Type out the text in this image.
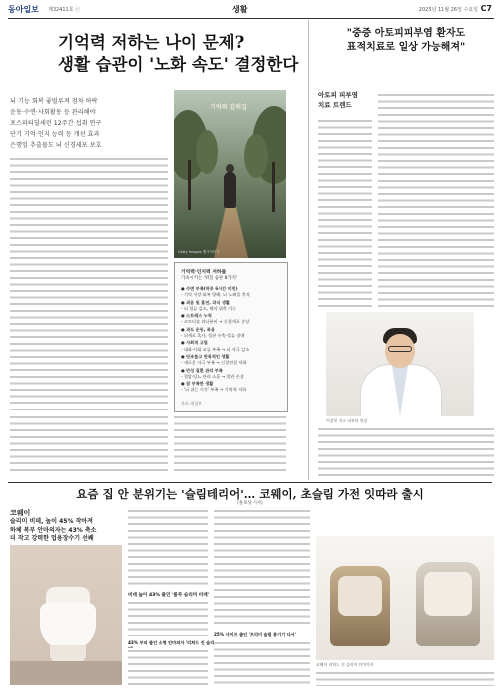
동아일보 제32411호 ⓒ	생활	2025년 11월 26일 수요일 C7
기억력 저하는 나이 문제?
생활 습관이 '노화 속도' 결정한다
뇌 기능 회복 좋빌루져 점차 하락
운동·수면·사회활동 등 관리해야
포스파티딜세린 12주간 섭취 연구
단기 기억·인지 능력 등 개선 효과
은행잎 추출물도 뇌 신경세포 보호
기억력 감퇴길
Getty Images 뱅크이미지
기억력·인지력 저하를
가속시키는 '위험 습관 8가지'
● 수면 부족(하루 6시간 미만)
- 기억 저장·회복 방해, 뇌 노폐물 축적
● 과음 및 흡연, 과식 생활
- 뇌 혈류 감소, 해마 위축 가능
● 스트레스 누적
- 코르티솔 과다분비 → 신경세포 손상
● 과도 운동, 폭음
- 뇌세포 혹사, 혈관 수축·혈류 장애
● 사회적 고립
- 대화·사회 교류 부족 → 뇌 자극 감소
● 단조롭고 반복적인 생활
- 새로운 자극 부족 → 신경연결 약화
● 만성 질환 관리 부족
- 혈압·당뇨 관리 소홀 → 혈관 손상
● 잠 부족한 생활
- '뇌 쉬는 시간' 부족 → 기억력 저하
자료: 편집부
"중증 아토피피부염 환자도
표적치료로 일상 가능해져"
아토피 피부염
치료 트렌드
이강현 지소 피부과 원장
요즘 집 안 분위기는 '슬림테리어'… 코웨이, 초슬림 가전 잇따라 출시
(홍보성 기사)
코웨이
슬리미 비데, 높이 45% 작아져
하체 복부 안마의자는 43% 축소
더 작고 강력한 업용장수기 선봬
비데 높이 43% 줄인 '룸루 슬리머 비데'
43% 부피 줄인 소형 안마의자 '리쳐드 진 슬리
25% 사이즈 줄인 '프리미 슬림 통기기 다사'
코웨이 리쳐드 진 슬리머 안마의자
